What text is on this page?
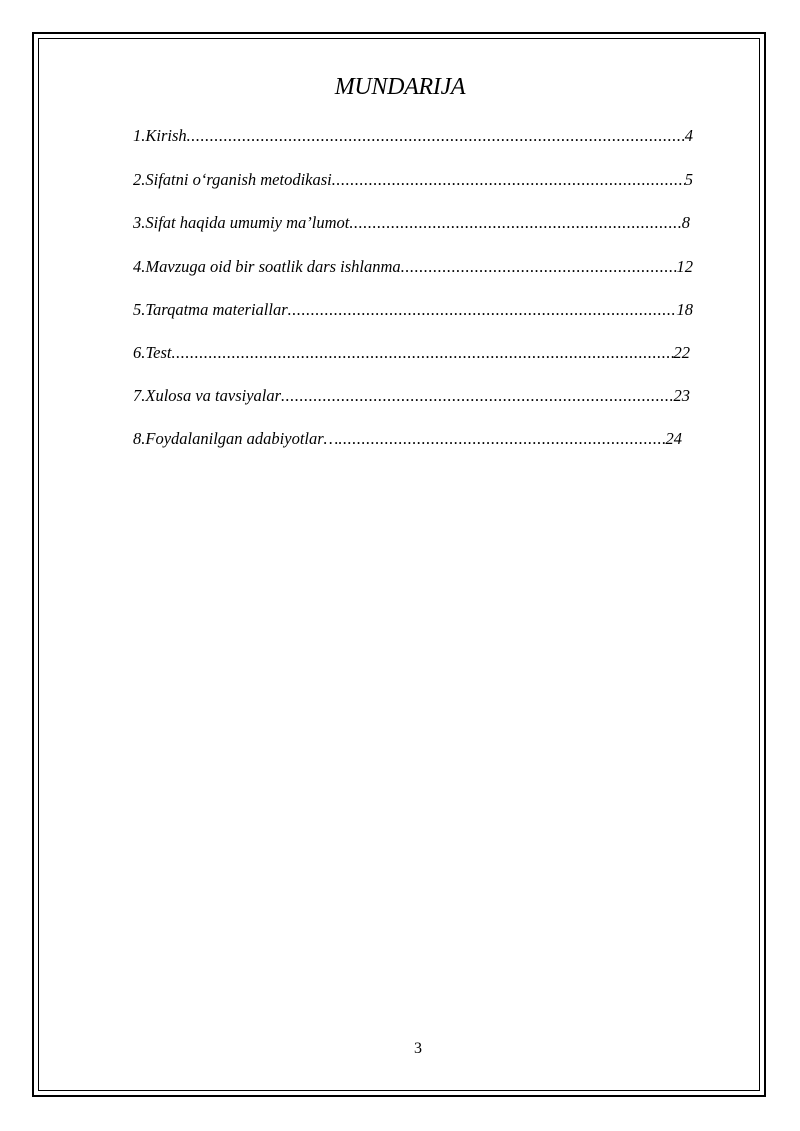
MUNDARIJA
1. Kirish .....	4
2. Sifatni o‘rganish metodikasi .....	5
3. Sifat haqida umumiy ma’lumot .....	8
4. Mavzuga oid bir soatlik dars ishlanma .....	12
5. Tarqatma materiallar .....	18
6. Test .....	22
7. Xulosa va tavsiyalar .....	23
8. Foydalanilgan adabiyotlar… .....	24
3
